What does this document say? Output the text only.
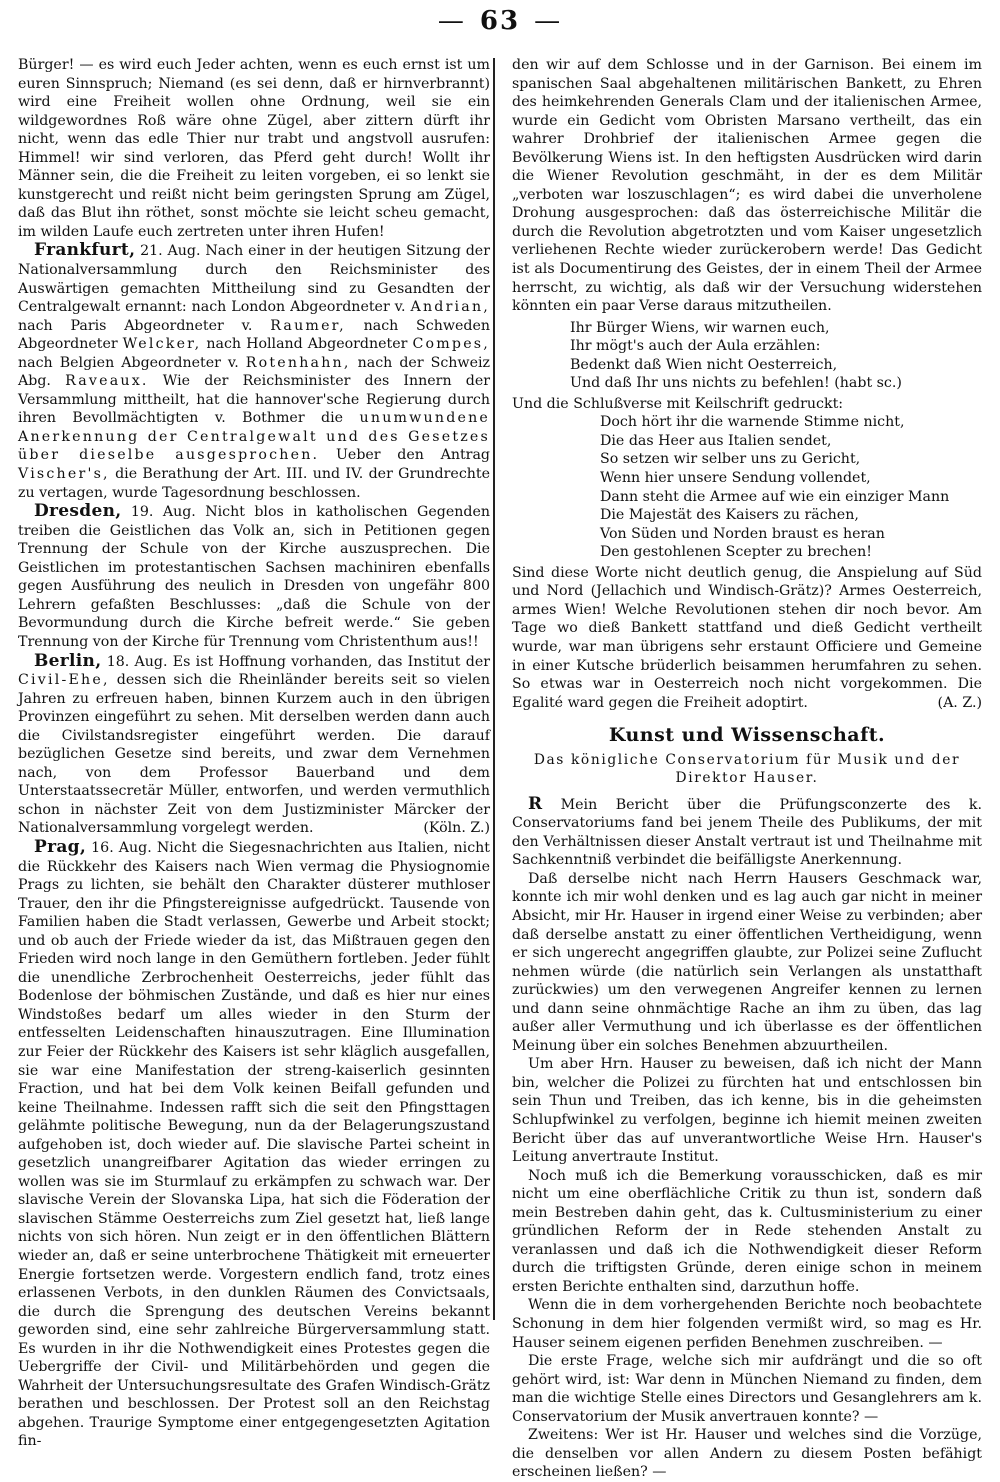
— 63 —

Bürger! — es wird euch Jeder achten, wenn es euch ernst ist um euren Sinnspruch; Niemand (es sei denn, daß er hirnverbrannt) wird eine Freiheit wollen ohne Ordnung, weil sie ein wildgewordnes Roß wäre ohne Zügel, aber zittern dürft ihr nicht, wenn das edle Thier nur trabt und angstvoll ausrufen: Himmel! wir sind verloren, das Pferd geht durch! Wollt ihr Männer sein, die die Freiheit zu leiten vorgeben, ei so lenkt sie kunstgerecht und reißt nicht beim geringsten Sprung am Zügel, daß das Blut ihn röthet, sonst möchte sie leicht scheu gemacht, im wilden Laufe euch zertreten unter ihren Hufen!

Frankfurt, 21. Aug. Nach einer in der heutigen Sitzung der Nationalversammlung durch den Reichsminister des Auswärtigen gemachten Mittheilung sind zu Gesandten der Centralgewalt ernannt: nach London Abgeordneter v. Andrian, nach Paris Abgeordneter v. Raumer, nach Schweden Abgeordneter Welcker, nach Holland Abgeordneter Compes, nach Belgien Abgeordneter v. Rotenhahn, nach der Schweiz Abg. Raveaux. Wie der Reichsminister des Innern der Versammlung mittheilt, hat die hannover'sche Regierung durch ihren Bevollmächtigten v. Bothmer die unumwundene Anerkennung der Centralgewalt und des Gesetzes über dieselbe ausgesprochen. Ueber den Antrag Vischer's, die Berathung der Art. III. und IV. der Grundrechte zu vertagen, wurde Tagesordnung beschlossen.

Dresden, 19. Aug. Nicht blos in katholischen Gegenden treiben die Geistlichen das Volk an, sich in Petitionen gegen Trennung der Schule von der Kirche auszusprechen. Die Geistlichen im protestantischen Sachsen machiniren ebenfalls gegen Ausführung des neulich in Dresden von ungefähr 800 Lehrern gefaßten Beschlusses: „daß die Schule von der Bevormundung durch die Kirche befreit werde.“ Sie geben Trennung von der Kirche für Trennung vom Christenthum aus!!

Berlin, 18. Aug. Es ist Hoffnung vorhanden, das Institut der Civil-Ehe, dessen sich die Rheinländer bereits seit so vielen Jahren zu erfreuen haben, binnen Kurzem auch in den übrigen Provinzen eingeführt zu sehen. Mit derselben werden dann auch die Civilstandsregister eingeführt werden. Die darauf bezüglichen Gesetze sind bereits, und zwar dem Vernehmen nach, von dem Professor Bauerband und dem Unterstaatssecretär Müller, entworfen, und werden vermuthlich schon in nächster Zeit von dem Justizminister Märcker der Nationalversammlung vorgelegt werden.	(Köln. Z.)

Prag, 16. Aug. Nicht die Siegesnachrichten aus Italien, nicht die Rückkehr des Kaisers nach Wien vermag die Physiognomie Prags zu lichten, sie behält den Charakter düsterer muthloser Trauer, den ihr die Pfingstereignisse aufgedrückt. Tausende von Familien haben die Stadt verlassen, Gewerbe und Arbeit stockt; und ob auch der Friede wieder da ist, das Mißtrauen gegen den Frieden wird noch lange in den Gemüthern fortleben. Jeder fühlt die unendliche Zerbrochenheit Oesterreichs, jeder fühlt das Bodenlose der böhmischen Zustände, und daß es hier nur eines Windstoßes bedarf um alles wieder in den Sturm der entfesselten Leidenschaften hinauszutragen. Eine Illumination zur Feier der Rückkehr des Kaisers ist sehr kläglich ausgefallen, sie war eine Manifestation der streng-kaiserlich gesinnten Fraction, und hat bei dem Volk keinen Beifall gefunden und keine Theilnahme. Indessen rafft sich die seit den Pfingsttagen gelähmte politische Bewegung, nun da der Belagerungszustand aufgehoben ist, doch wieder auf. Die slavische Partei scheint in gesetzlich unangreifbarer Agitation das wieder erringen zu wollen was sie im Sturmlauf zu erkämpfen zu schwach war. Der slavische Verein der Slovanska Lipa, hat sich die Föderation der slavischen Stämme Oesterreichs zum Ziel gesetzt hat, ließ lange nichts von sich hören. Nun zeigt er in den öffentlichen Blättern wieder an, daß er seine unterbrochene Thätigkeit mit erneuerter Energie fortsetzen werde. Vorgestern endlich fand, trotz eines erlassenen Verbots, in den dunklen Räumen des Convictsaals, die durch die Sprengung des deutschen Vereins bekannt geworden sind, eine sehr zahlreiche Bürgerversammlung statt. Es wurden in ihr die Nothwendigkeit eines Protestes gegen die Uebergriffe der Civil- und Militärbehörden und gegen die Wahrheit der Untersuchungsresultate des Grafen Windisch-Grätz berathen und beschlossen. Der Protest soll an den Reichstag abgehen. Traurige Symptome einer entgegengesetzten Agitation fin-

den wir auf dem Schlosse und in der Garnison. Bei einem im spanischen Saal abgehaltenen militärischen Bankett, zu Ehren des heimkehrenden Generals Clam und der italienischen Armee, wurde ein Gedicht vom Obristen Marsano vertheilt, das ein wahrer Drohbrief der italienischen Armee gegen die Bevölkerung Wiens ist. In den heftigsten Ausdrücken wird darin die Wiener Revolution geschmäht, in der es dem Militär „verboten war loszuschlagen“; es wird dabei die unverholene Drohung ausgesprochen: daß das österreichische Militär die durch die Revolution abgetrotzten und vom Kaiser ungesetzlich verliehenen Rechte wieder zurückerobern werde! Das Gedicht ist als Documentirung des Geistes, der in einem Theil der Armee herrscht, zu wichtig, als daß wir der Versuchung widerstehen könnten ein paar Verse daraus mitzutheilen.

Ihr Bürger Wiens, wir warnen euch,
Ihr mögt's auch der Aula erzählen:
Bedenkt daß Wien nicht Oesterreich,
Und daß Ihr uns nichts zu befehlen! (habt sc.)

Und die Schlußverse mit Keilschrift gedruckt:

Doch hört ihr die warnende Stimme nicht,
Die das Heer aus Italien sendet,
So setzen wir selber uns zu Gericht,
Wenn hier unsere Sendung vollendet,
Dann steht die Armee auf wie ein einziger Mann
Die Majestät des Kaisers zu rächen,
Von Süden und Norden braust es heran
Den gestohlenen Scepter zu brechen!

Sind diese Worte nicht deutlich genug, die Anspielung auf Süd und Nord (Jellachich und Windisch-Grätz)? Armes Oesterreich, armes Wien! Welche Revolutionen stehen dir noch bevor. Am Tage wo dieß Bankett stattfand und dieß Gedicht vertheilt wurde, war man übrigens sehr erstaunt Officiere und Gemeine in einer Kutsche brüderlich beisammen herumfahren zu sehen. So etwas war in Oesterreich noch nicht vorgekommen. Die Egalité ward gegen die Freiheit adoptirt.	(A. Z.)

Kunst und Wissenschaft.
Das königliche Conservatorium für Musik und der Direktor Hauser.

R Mein Bericht über die Prüfungsconzerte des k. Conservatoriums fand bei jenem Theile des Publikums, der mit den Verhältnissen dieser Anstalt vertraut ist und Theilnahme mit Sachkenntniß verbindet die beifälligste Anerkennung.

Daß derselbe nicht nach Herrn Hausers Geschmack war, konnte ich mir wohl denken und es lag auch gar nicht in meiner Absicht, mir Hr. Hauser in irgend einer Weise zu verbinden; aber daß derselbe anstatt zu einer öffentlichen Vertheidigung, wenn er sich ungerecht angegriffen glaubte, zur Polizei seine Zuflucht nehmen würde (die natürlich sein Verlangen als unstatthaft zurückwies) um den verwegenen Angreifer kennen zu lernen und dann seine ohnmächtige Rache an ihm zu üben, das lag außer aller Vermuthung und ich überlasse es der öffentlichen Meinung über ein solches Benehmen abzuurtheilen.

Um aber Hrn. Hauser zu beweisen, daß ich nicht der Mann bin, welcher die Polizei zu fürchten hat und entschlossen bin sein Thun und Treiben, das ich kenne, bis in die geheimsten Schlupfwinkel zu verfolgen, beginne ich hiemit meinen zweiten Bericht über das auf unverantwortliche Weise Hrn. Hauser's Leitung anvertraute Institut.

Noch muß ich die Bemerkung vorausschicken, daß es mir nicht um eine oberflächliche Critik zu thun ist, sondern daß mein Bestreben dahin geht, das k. Cultusministerium zu einer gründlichen Reform der in Rede stehenden Anstalt zu veranlassen und daß ich die Nothwendigkeit dieser Reform durch die triftigsten Gründe, deren einige schon in meinem ersten Berichte enthalten sind, darzuthun hoffe.

Wenn die in dem vorhergehenden Berichte noch beobachtete Schonung in dem hier folgenden vermißt wird, so mag es Hr. Hauser seinem eigenen perfiden Benehmen zuschreiben. —

Die erste Frage, welche sich mir aufdrängt und die so oft gehört wird, ist: War denn in München Niemand zu finden, dem man die wichtige Stelle eines Directors und Gesanglehrers am k. Conservatorium der Musik anvertrauen konnte? —

Zweitens: Wer ist Hr. Hauser und welches sind die Vorzüge, die denselben vor allen Andern zu diesem Posten befähigt erscheinen ließen? —
